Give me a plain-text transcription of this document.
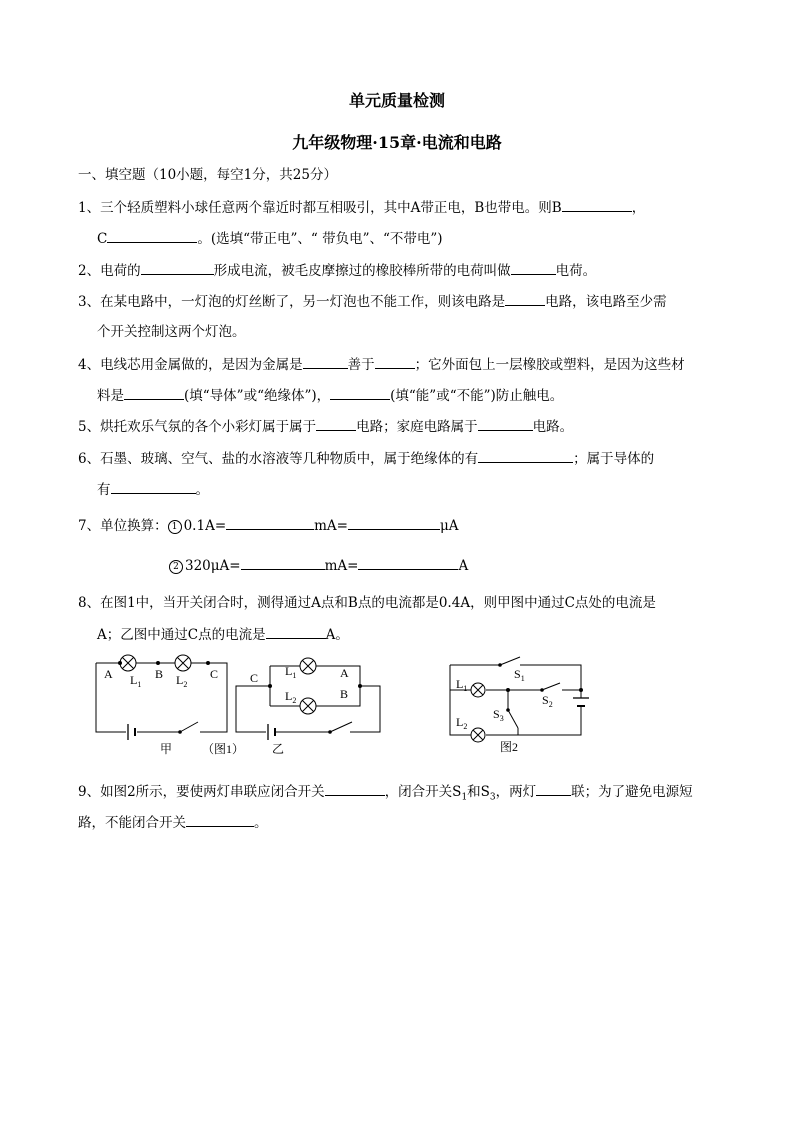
单元质量检测
九年级物理·15章·电流和电路
一、填空题（10小题，每空1分，共25分）
1、三个轻质塑料小球任意两个靠近时都互相吸引，其中A带正电，B也带电。则B	，
C	。(选填“带正电”、“ 带负电”、“不带电”)
2、电荷的	形成电流，被毛皮摩擦过的橡胶棒所带的电荷叫做	电荷。
3、在某电路中，一灯泡的灯丝断了，另一灯泡也不能工作，则该电路是	电路，该电路至少需
个开关控制这两个灯泡。
4、电线芯用金属做的，是因为金属是	善于	；它外面包上一层橡胶或塑料，是因为这些材
料是	(填“导体”或“绝缘体”)，	(填“能”或“不能”)防止触电。
5、烘托欢乐气氛的各个小彩灯属于属于	电路；家庭电路属于	电路。
6、石墨、玻璃、空气、盐的水溶液等几种物质中，属于绝缘体的有	；属于导体的
有	。
7、单位换算： 1 0.1A=	mA=	μA
2 320μA=	mA=	A
8、在图1中，当开关闭合时，测得通过A点和B点的电流都是0.4A，则甲图中通过C点处的电流是
A；乙图中通过C点的电流是	A。
A $L_1$
B $L_2$
C
甲 （图1）
C $L_1$	A
$L_2$	B
乙
$S_1$
$L_1$
$S_2$
$S_3$
$L_2$
图2
9、如图2所示，要使两灯串联应闭合开关	，闭合开关$S_1$和$S_3$，两灯	联；为了避免电源短
路，不能闭合开关	。
